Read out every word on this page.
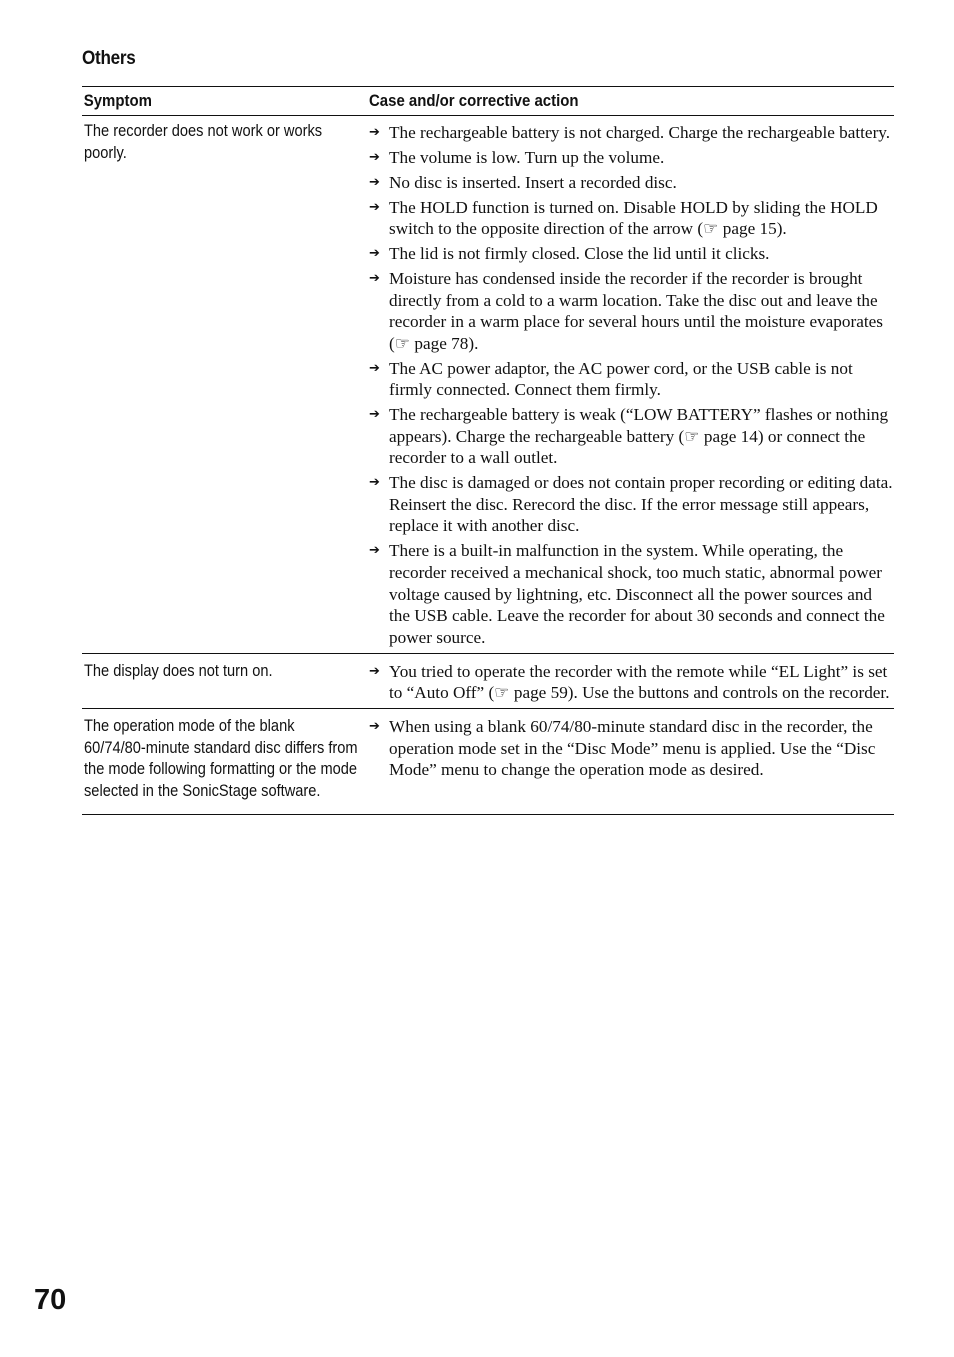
Others
Symptom	Case and/or corrective action
The recorder does not work or works poorly.
➔ The rechargeable battery is not charged. Charge the rechargeable battery.
➔ The volume is low. Turn up the volume.
➔ No disc is inserted. Insert a recorded disc.
➔ The HOLD function is turned on. Disable HOLD by sliding the HOLD switch to the opposite direction of the arrow (☞ page 15).
➔ The lid is not firmly closed. Close the lid until it clicks.
➔ Moisture has condensed inside the recorder if the recorder is brought directly from a cold to a warm location. Take the disc out and leave the recorder in a warm place for several hours until the moisture evaporates (☞ page 78).
➔ The AC power adaptor, the AC power cord, or the USB cable is not firmly connected. Connect them firmly.
➔ The rechargeable battery is weak (“LOW BATTERY” flashes or nothing appears). Charge the rechargeable battery (☞ page 14) or connect the recorder to a wall outlet.
➔ The disc is damaged or does not contain proper recording or editing data. Reinsert the disc. Rerecord the disc. If the error message still appears, replace it with another disc.
➔ There is a built-in malfunction in the system. While operating, the recorder received a mechanical shock, too much static, abnormal power voltage caused by lightning, etc. Disconnect all the power sources and the USB cable. Leave the recorder for about 30 seconds and connect the power source.
The display does not turn on.	➔ You tried to operate the recorder with the remote while “EL Light” is set to “Auto Off” (☞ page 59). Use the buttons and controls on the recorder.
The operation mode of the blank 60/74/80-minute standard disc differs from the mode following formatting or the mode selected in the SonicStage software.
➔ When using a blank 60/74/80-minute standard disc in the recorder, the operation mode set in the “Disc Mode” menu is applied. Use the “Disc Mode” menu to change the operation mode as desired.
70
